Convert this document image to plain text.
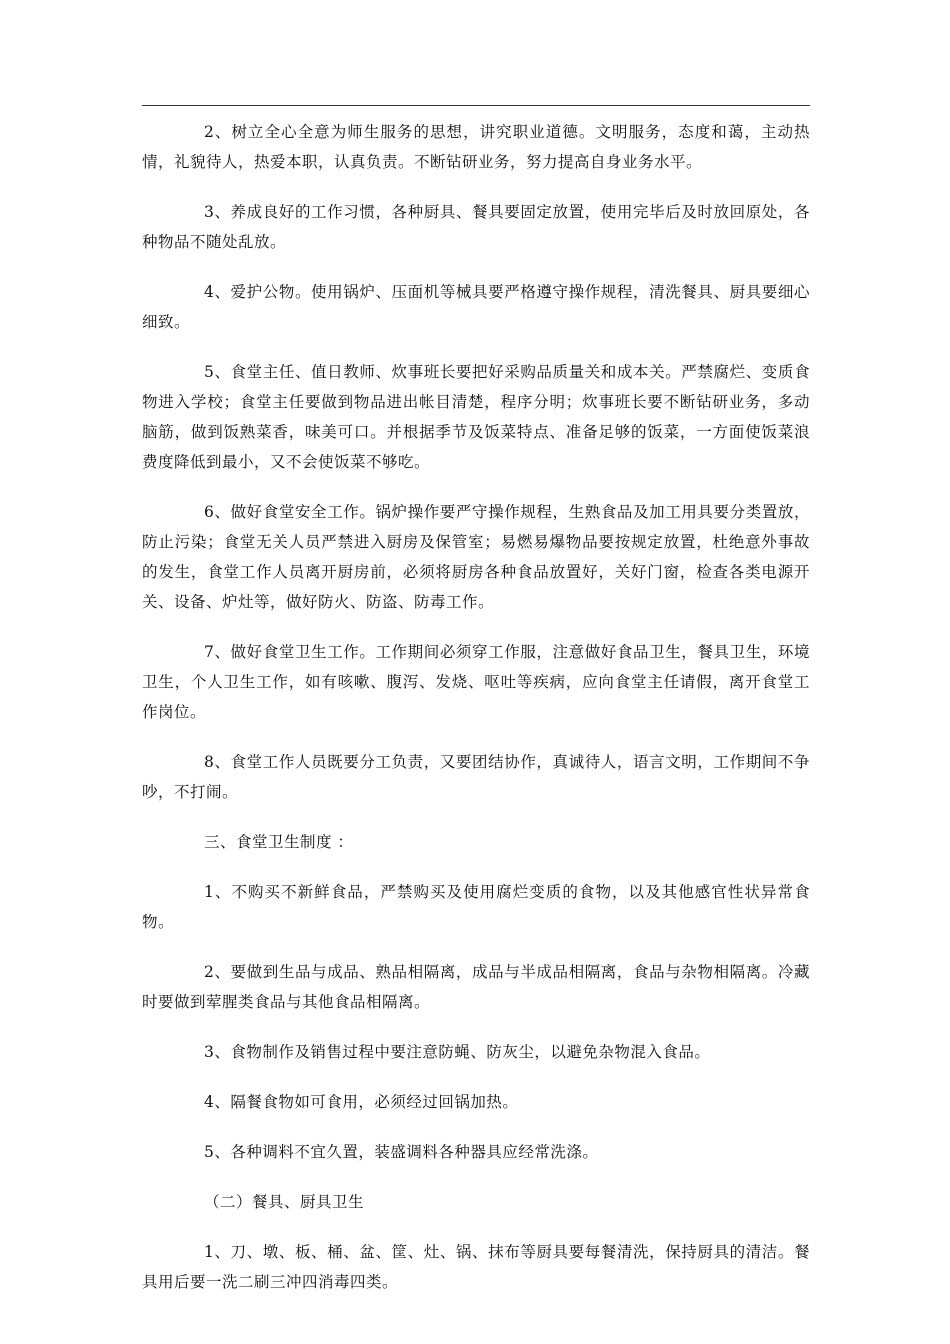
2、树立全心全意为师生服务的思想，讲究职业道德。文明服务，态度和蔼，主动热情，礼貌待人，热爱本职，认真负责。不断钻研业务，努力提高自身业务水平。

3、养成良好的工作习惯，各种厨具、餐具要固定放置，使用完毕后及时放回原处，各种物品不随处乱放。

4、爱护公物。使用锅炉、压面机等械具要严格遵守操作规程，清洗餐具、厨具要细心细致。

5、食堂主任、值日教师、炊事班长要把好采购品质量关和成本关。严禁腐烂、变质食物进入学校；食堂主任要做到物品进出帐目清楚，程序分明；炊事班长要不断钻研业务，多动脑筋，做到饭熟菜香，味美可口。并根据季节及饭菜特点、准备足够的饭菜，一方面使饭菜浪费度降低到最小，又不会使饭菜不够吃。

6、做好食堂安全工作。锅炉操作要严守操作规程，生熟食品及加工用具要分类置放，防止污染；食堂无关人员严禁进入厨房及保管室；易燃易爆物品要按规定放置，杜绝意外事故的发生，食堂工作人员离开厨房前，必须将厨房各种食品放置好，关好门窗，检查各类电源开关、设备、炉灶等，做好防火、防盗、防毒工作。

7、做好食堂卫生工作。工作期间必须穿工作服，注意做好食品卫生，餐具卫生，环境卫生，个人卫生工作，如有咳嗽、腹泻、发烧、呕吐等疾病，应向食堂主任请假，离开食堂工作岗位。

8、食堂工作人员既要分工负责，又要团结协作，真诚待人，语言文明，工作期间不争吵，不打闹。

三、食堂卫生制度 ：

1、不购买不新鲜食品，严禁购买及使用腐烂变质的食物，以及其他感官性状异常食物。

2、要做到生品与成品、熟品相隔离，成品与半成品相隔离，食品与杂物相隔离。冷藏时要做到荤腥类食品与其他食品相隔离。

3、食物制作及销售过程中要注意防蝇、防灰尘，以避免杂物混入食品。

4、隔餐食物如可食用，必须经过回锅加热。

5、各种调料不宜久置，装盛调料各种器具应经常洗涤。

（二）餐具、厨具卫生

1、刀、墩、板、桶、盆、筐、灶、锅、抹布等厨具要每餐清洗，保持厨具的清洁。餐具用后要一洗二刷三冲四消毒四类。
